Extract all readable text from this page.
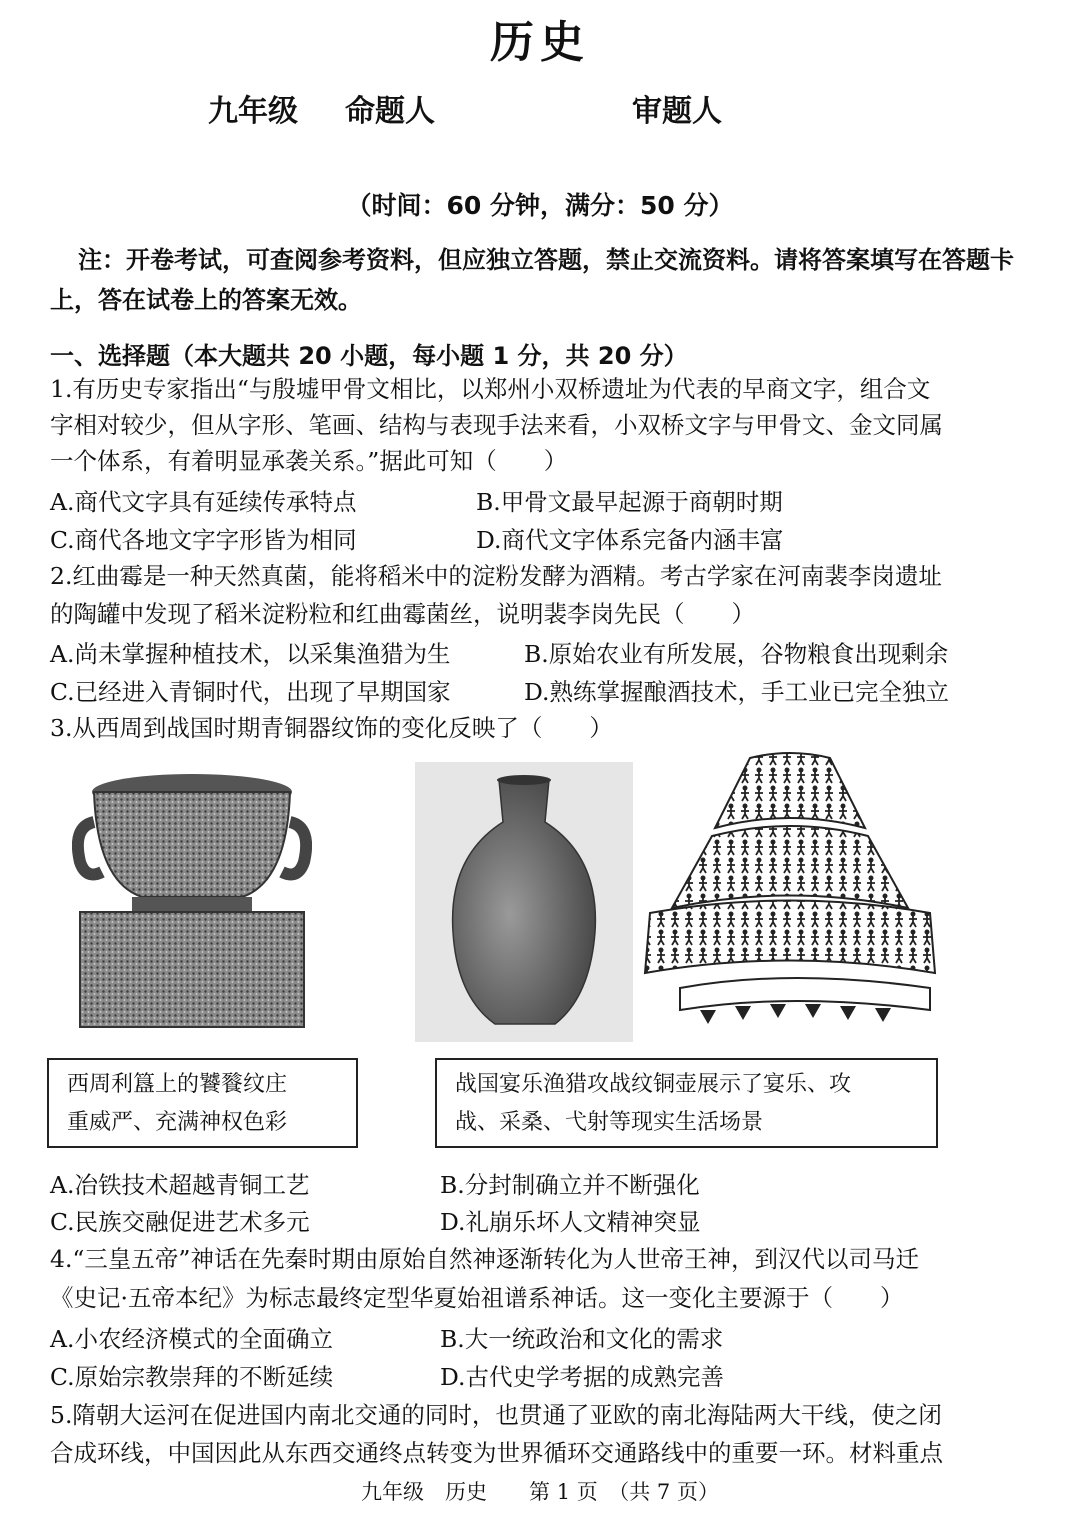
历史
九年级 命题人	审题人
（时间：60 分钟，满分：50 分）
注：开卷考试，可查阅参考资料，但应独立答题，禁止交流资料。请将答案填写在答题卡上，答在试卷上的答案无效。
一、选择题（本大题共 20 小题，每小题 1 分，共 20 分）
1.有历史专家指出“与殷墟甲骨文相比，以郑州小双桥遗址为代表的早商文字，组合文
字相对较少，但从字形、笔画、结构与表现手法来看，小双桥文字与甲骨文、金文同属
一个体系，有着明显承袭关系。”据此可知（　　）
A.商代文字具有延续传承特点	B.甲骨文最早起源于商朝时期
C.商代各地文字字形皆为相同	D.商代文字体系完备内涵丰富
2.红曲霉是一种天然真菌，能将稻米中的淀粉发酵为酒精。考古学家在河南裴李岗遗址
的陶罐中发现了稻米淀粉粒和红曲霉菌丝，说明裴李岗先民（　　）
A.尚未掌握种植技术，以采集渔猎为生	B.原始农业有所发展，谷物粮食出现剩余
C.已经进入青铜时代，出现了早期国家	D.熟练掌握酿酒技术，手工业已完全独立
3.从西周到战国时期青铜器纹饰的变化反映了（　　）
西周利簋上的饕餮纹庄
重威严、充满神权色彩
战国宴乐渔猎攻战纹铜壶展示了宴乐、攻
战、采桑、弋射等现实生活场景
A.冶铁技术超越青铜工艺	B.分封制确立并不断强化
C.民族交融促进艺术多元	D.礼崩乐坏人文精神突显
4.“三皇五帝”神话在先秦时期由原始自然神逐渐转化为人世帝王神，到汉代以司马迁
《史记·五帝本纪》为标志最终定型华夏始祖谱系神话。这一变化主要源于（　　）
A.小农经济模式的全面确立	B.大一统政治和文化的需求
C.原始宗教崇拜的不断延续	D.古代史学考据的成熟完善
5.隋朝大运河在促进国内南北交通的同时，也贯通了亚欧的南北海陆两大干线，使之闭
合成环线，中国因此从东西交通终点转变为世界循环交通路线中的重要一环。材料重点
九年级　历史　　第 1 页　（共 7 页）
